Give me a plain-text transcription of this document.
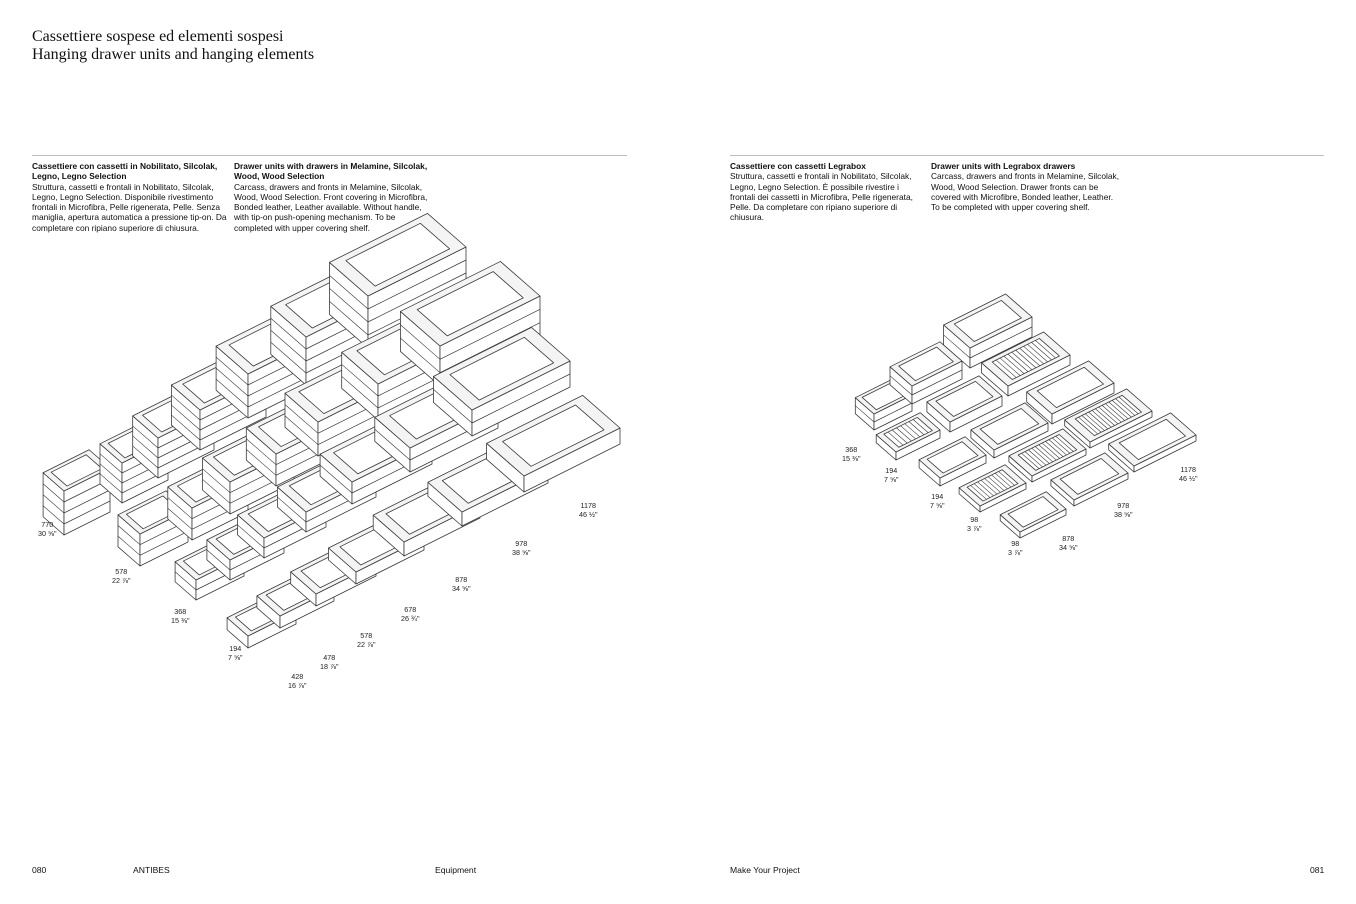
Cassettiere sospese ed elementi sospesi
Hanging drawer units and hanging elements
Cassettiere con cassetti in Nobilitato, Silcolak, Legno, Legno Selection
Struttura, cassetti e frontali in Nobilitato, Silcolak, Legno, Legno Selection. Disponibile rivestimento frontali in Microfibra, Pelle rigenerata, Pelle. Senza maniglia, apertura automatica a pressione tip-on. Da completare con ripiano superiore di chiusura.
Drawer units with drawers in Melamine, Silcolak, Wood, Wood Selection
Carcass, drawers and fronts in Melamine, Silcolak, Wood, Wood Selection. Front covering in Microfibra, Bonded leather, Leather available. Without handle, with tip-on push-opening mechanism. To be completed with upper covering shelf.
Cassettiere con cassetti Legrabox
Struttura, cassetti e frontali in Nobilitato, Silcolak, Legno, Legno Selection. È possibile rivestire i frontali dei cassetti in Microfibra, Pelle rigenerata, Pelle. Da completare con ripiano superiore di chiusura.
Drawer units with Legrabox drawers
Carcass, drawers and fronts in Melamine, Silcolak, Wood, Wood Selection. Drawer fronts can be covered with Microfibre, Bonded leather, Leather. To be completed with upper covering shelf.
770
30 ⅝"
578
22 ⅞"
368
15 ⅜"
194
7 ⅝"
428
16 ⅞"
478
18 ⅞"
578
22 ⅞"
678
26 ¾"
878
34 ⅝"
978
38 ⅝"
1178
46 ½"
368
15 ⅜"
194
7 ⅝"
194
7 ⅝"
98
3 ⅞"
98
3 ⅞"
878
34 ⅝"
978
38 ⅝"
1178
46 ½"
080	ANTIBES	Equipment	Make Your Project	081
